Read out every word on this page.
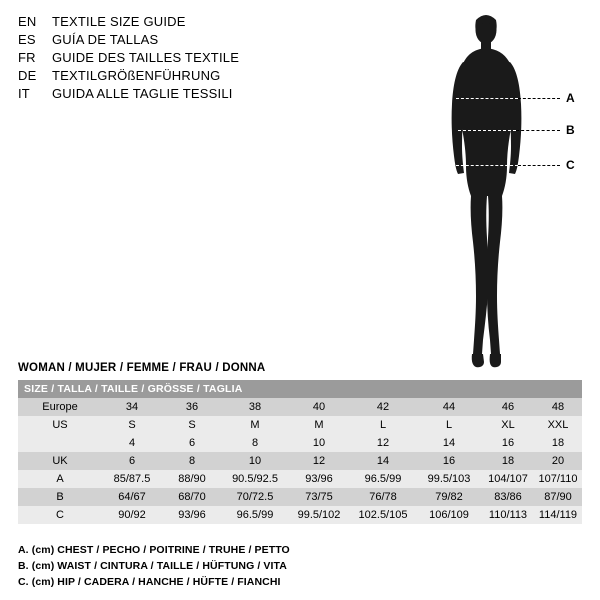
EN	TEXTILE SIZE GUIDE
ES	GUÍA DE TALLAS
FR	GUIDE DES TAILLES TEXTILE
DE	TEXTILGRÖßENFÜHRUNG
IT	GUIDA ALLE TAGLIE TESSILI	A
B
C
WOMAN / MUJER / FEMME / FRAU / DONNA
SIZE / TALLA / TAILLE / GRÖSSE / TAGLIA								
Europe	34	36	38	40	42	44	46	48
US	S	S	M	M	L	L	XL	XXL
	4	6	8	10	12	14	16	18
UK	6	8	10	12	14	16	18	20
A	85/87.5	88/90	90.5/92.5	93/96	96.5/99	99.5/103	104/107	107/110
B	64/67	68/70	70/72.5	73/75	76/78	79/82	83/86	87/90
C	90/92	93/96	96.5/99	99.5/102	102.5/105	106/109	110/113	114/119
A. (cm) CHEST / PECHO / POITRINE / TRUHE / PETTO
B. (cm) WAIST / CINTURA / TAILLE / HÜFTUNG / VITA
C. (cm) HIP / CADERA / HANCHE / HÜFTE / FIANCHI
